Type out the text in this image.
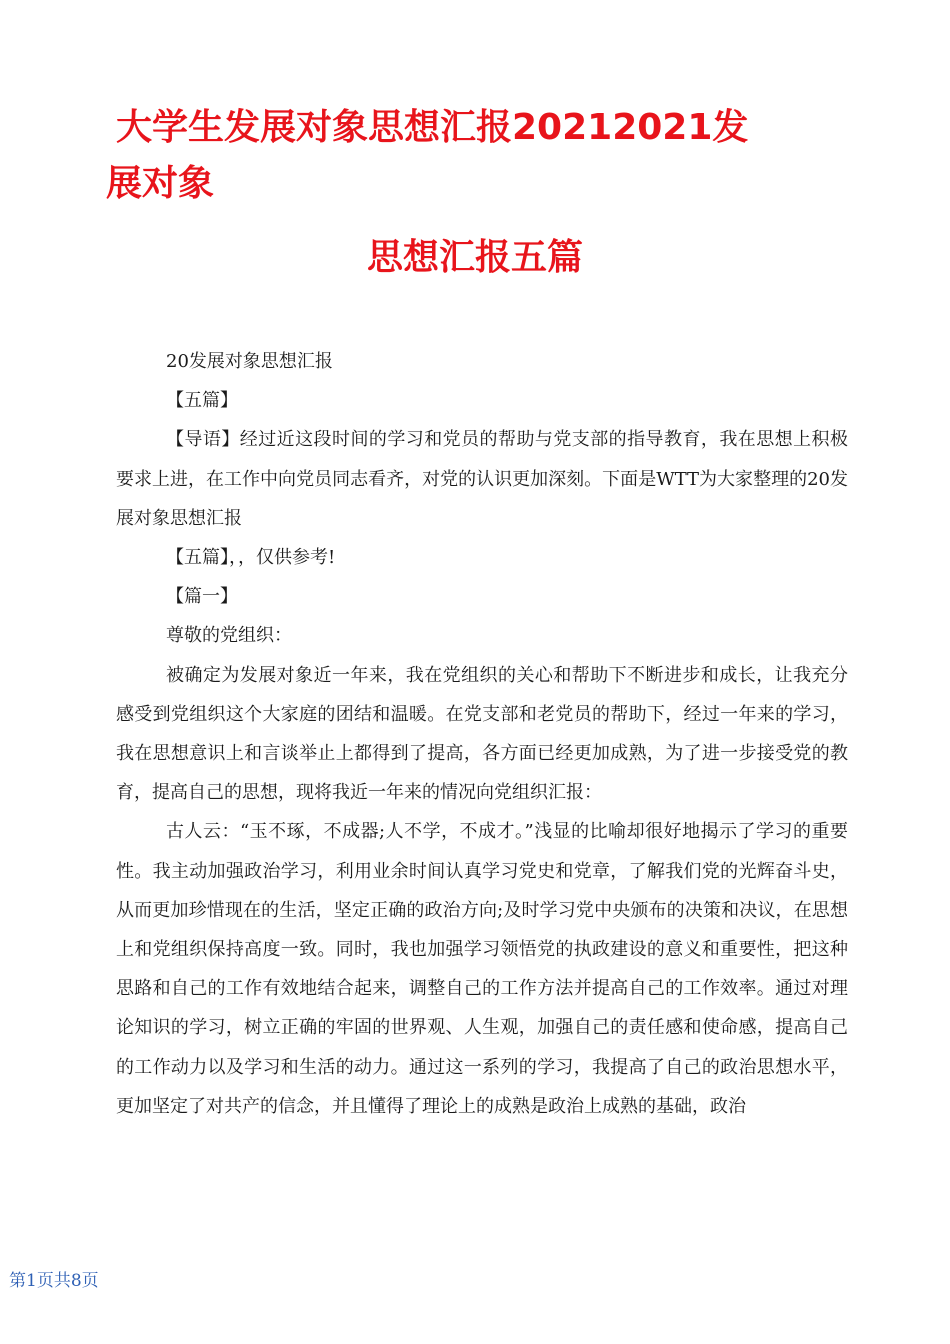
大学生发展对象思想汇报20212021发
展对象
思想汇报五篇

20发展对象思想汇报

【五篇】

【导语】经过近这段时间的学习和党员的帮助与党支部的指导教育，我在思想上积极要求上进，在工作中向党员同志看齐，对党的认识更加深刻。下面是WTT为大家整理的20发展对象思想汇报

【五篇】，，仅供参考!

【篇一】

尊敬的党组织：

被确定为发展对象近一年来，我在党组织的关心和帮助下不断进步和成长，让我充分感受到党组织这个大家庭的团结和温暖。在党支部和老党员的帮助下，经过一年来的学习，我在思想意识上和言谈举止上都得到了提高，各方面已经更加成熟，为了进一步接受党的教育，提高自己的思想，现将我近一年来的情况向党组织汇报：

古人云：“玉不琢，不成器;人不学，不成才。”浅显的比喻却很好地揭示了学习的重要性。我主动加强政治学习，利用业余时间认真学习党史和党章，了解我们党的光辉奋斗史，从而更加珍惜现在的生活，坚定正确的政治方向;及时学习党中央颁布的决策和决议，在思想上和党组织保持高度一致。同时，我也加强学习领悟党的执政建设的意义和重要性，把这种思路和自己的工作有效地结合起来，调整自己的工作方法并提高自己的工作效率。通过对理论知识的学习，树立正确的牢固的世界观、人生观，加强自己的责任感和使命感，提高自己的工作动力以及学习和生活的动力。通过这一系列的学习，我提高了自己的政治思想水平，更加坚定了对共产的信念，并且懂得了理论上的成熟是政治上成熟的基础，政治

第1页共8页
